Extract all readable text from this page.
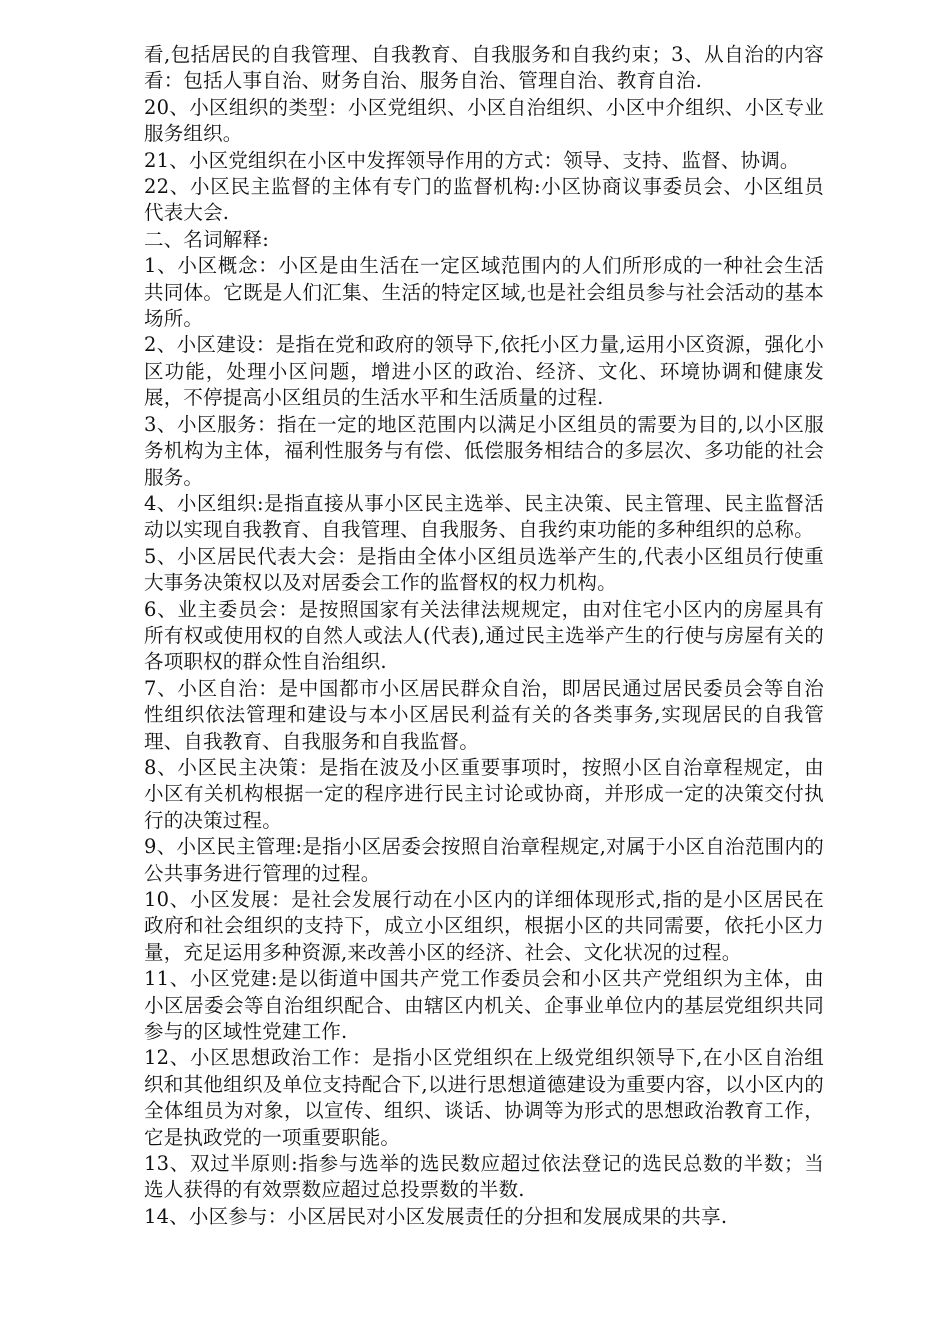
看,包括居民的自我管理、自我教育、自我服务和自我约束；3、从自治的内容看：包括人事自治、财务自治、服务自治、管理自治、教育自治.

20、小区组织的类型：小区党组织、小区自治组织、小区中介组织、小区专业服务组织。

21、小区党组织在小区中发挥领导作用的方式：领导、支持、监督、协调。

22、小区民主监督的主体有专门的监督机构:小区协商议事委员会、小区组员代表大会.

二、名词解释:

1、小区概念：小区是由生活在一定区域范围内的人们所形成的一种社会生活共同体。它既是人们汇集、生活的特定区域,也是社会组员参与社会活动的基本场所。

2、小区建设：是指在党和政府的领导下,依托小区力量,运用小区资源，强化小区功能，处理小区问题，增进小区的政治、经济、文化、环境协调和健康发展，不停提高小区组员的生活水平和生活质量的过程.

3、小区服务：指在一定的地区范围内以满足小区组员的需要为目的,以小区服务机构为主体，福利性服务与有偿、低偿服务相结合的多层次、多功能的社会服务。

4、小区组织:是指直接从事小区民主选举、民主决策、民主管理、民主监督活动以实现自我教育、自我管理、自我服务、自我约束功能的多种组织的总称。

5、小区居民代表大会：是指由全体小区组员选举产生的,代表小区组员行使重大事务决策权以及对居委会工作的监督权的权力机构。

6、业主委员会：是按照国家有关法律法规规定，由对住宅小区内的房屋具有所有权或使用权的自然人或法人(代表),通过民主选举产生的行使与房屋有关的各项职权的群众性自治组织.

7、小区自治：是中国都市小区居民群众自治，即居民通过居民委员会等自治性组织依法管理和建设与本小区居民利益有关的各类事务,实现居民的自我管理、自我教育、自我服务和自我监督。

8、小区民主决策：是指在波及小区重要事项时，按照小区自治章程规定，由小区有关机构根据一定的程序进行民主讨论或协商，并形成一定的决策交付执行的决策过程。

9、小区民主管理:是指小区居委会按照自治章程规定,对属于小区自治范围内的公共事务进行管理的过程。

10、小区发展：是社会发展行动在小区内的详细体现形式,指的是小区居民在政府和社会组织的支持下，成立小区组织，根据小区的共同需要，依托小区力量，充足运用多种资源,来改善小区的经济、社会、文化状况的过程。

11、小区党建:是以街道中国共产党工作委员会和小区共产党组织为主体，由小区居委会等自治组织配合、由辖区内机关、企事业单位内的基层党组织共同参与的区域性党建工作.

12、小区思想政治工作：是指小区党组织在上级党组织领导下,在小区自治组织和其他组织及单位支持配合下,以进行思想道德建设为重要内容，以小区内的全体组员为对象，以宣传、组织、谈话、协调等为形式的思想政治教育工作，它是执政党的一项重要职能。

13、双过半原则:指参与选举的选民数应超过依法登记的选民总数的半数；当选人获得的有效票数应超过总投票数的半数.

14、小区参与：小区居民对小区发展责任的分担和发展成果的共享.
